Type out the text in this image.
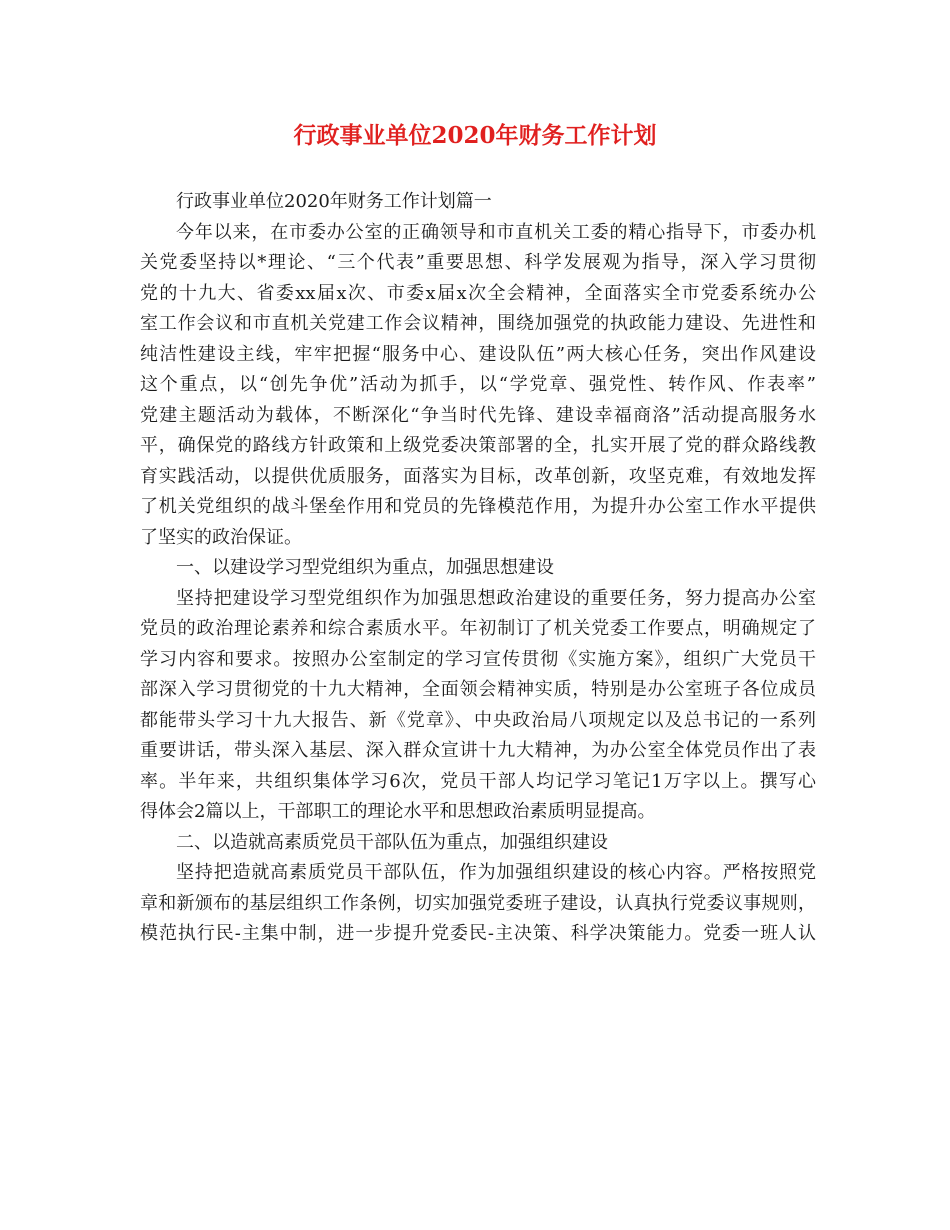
行政事业单位2020年财务工作计划
行政事业单位2020年财务工作计划篇一
今年以来，在市委办公室的正确领导和市直机关工委的精心指导下，市委办机
关党委坚持以*理论、“三个代表”重要思想、科学发展观为指导，深入学习贯彻
党的十九大、省委xx届x次、市委x届x次全会精神，全面落实全市党委系统办公
室工作会议和市直机关党建工作会议精神，围绕加强党的执政能力建设、先进性和
纯洁性建设主线，牢牢把握“服务中心、建设队伍”两大核心任务，突出作风建设
这个重点，以“创先争优”活动为抓手，以“学党章、强党性、转作风、作表率”
党建主题活动为载体，不断深化“争当时代先锋、建设幸福商洛”活动提高服务水
平，确保党的路线方针政策和上级党委决策部署的全，扎实开展了党的群众路线教
育实践活动，以提供优质服务，面落实为目标，改革创新，攻坚克难，有效地发挥
了机关党组织的战斗堡垒作用和党员的先锋模范作用，为提升办公室工作水平提供
了坚实的政治保证。
一、以建设学习型党组织为重点，加强思想建设
坚持把建设学习型党组织作为加强思想政治建设的重要任务，努力提高办公室
党员的政治理论素养和综合素质水平。年初制订了机关党委工作要点，明确规定了
学习内容和要求。按照办公室制定的学习宣传贯彻《实施方案》，组织广大党员干
部深入学习贯彻党的十九大精神，全面领会精神实质，特别是办公室班子各位成员
都能带头学习十九大报告、新《党章》、中央政治局八项规定以及总书记的一系列
重要讲话，带头深入基层、深入群众宣讲十九大精神，为办公室全体党员作出了表
率。半年来，共组织集体学习6次，党员干部人均记学习笔记1万字以上。撰写心
得体会2篇以上，干部职工的理论水平和思想政治素质明显提高。
二、以造就高素质党员干部队伍为重点，加强组织建设
坚持把造就高素质党员干部队伍，作为加强组织建设的核心内容。严格按照党
章和新颁布的基层组织工作条例，切实加强党委班子建设，认真执行党委议事规则，
模范执行民-主集中制，进一步提升党委民-主决策、科学决策能力。党委一班人认
